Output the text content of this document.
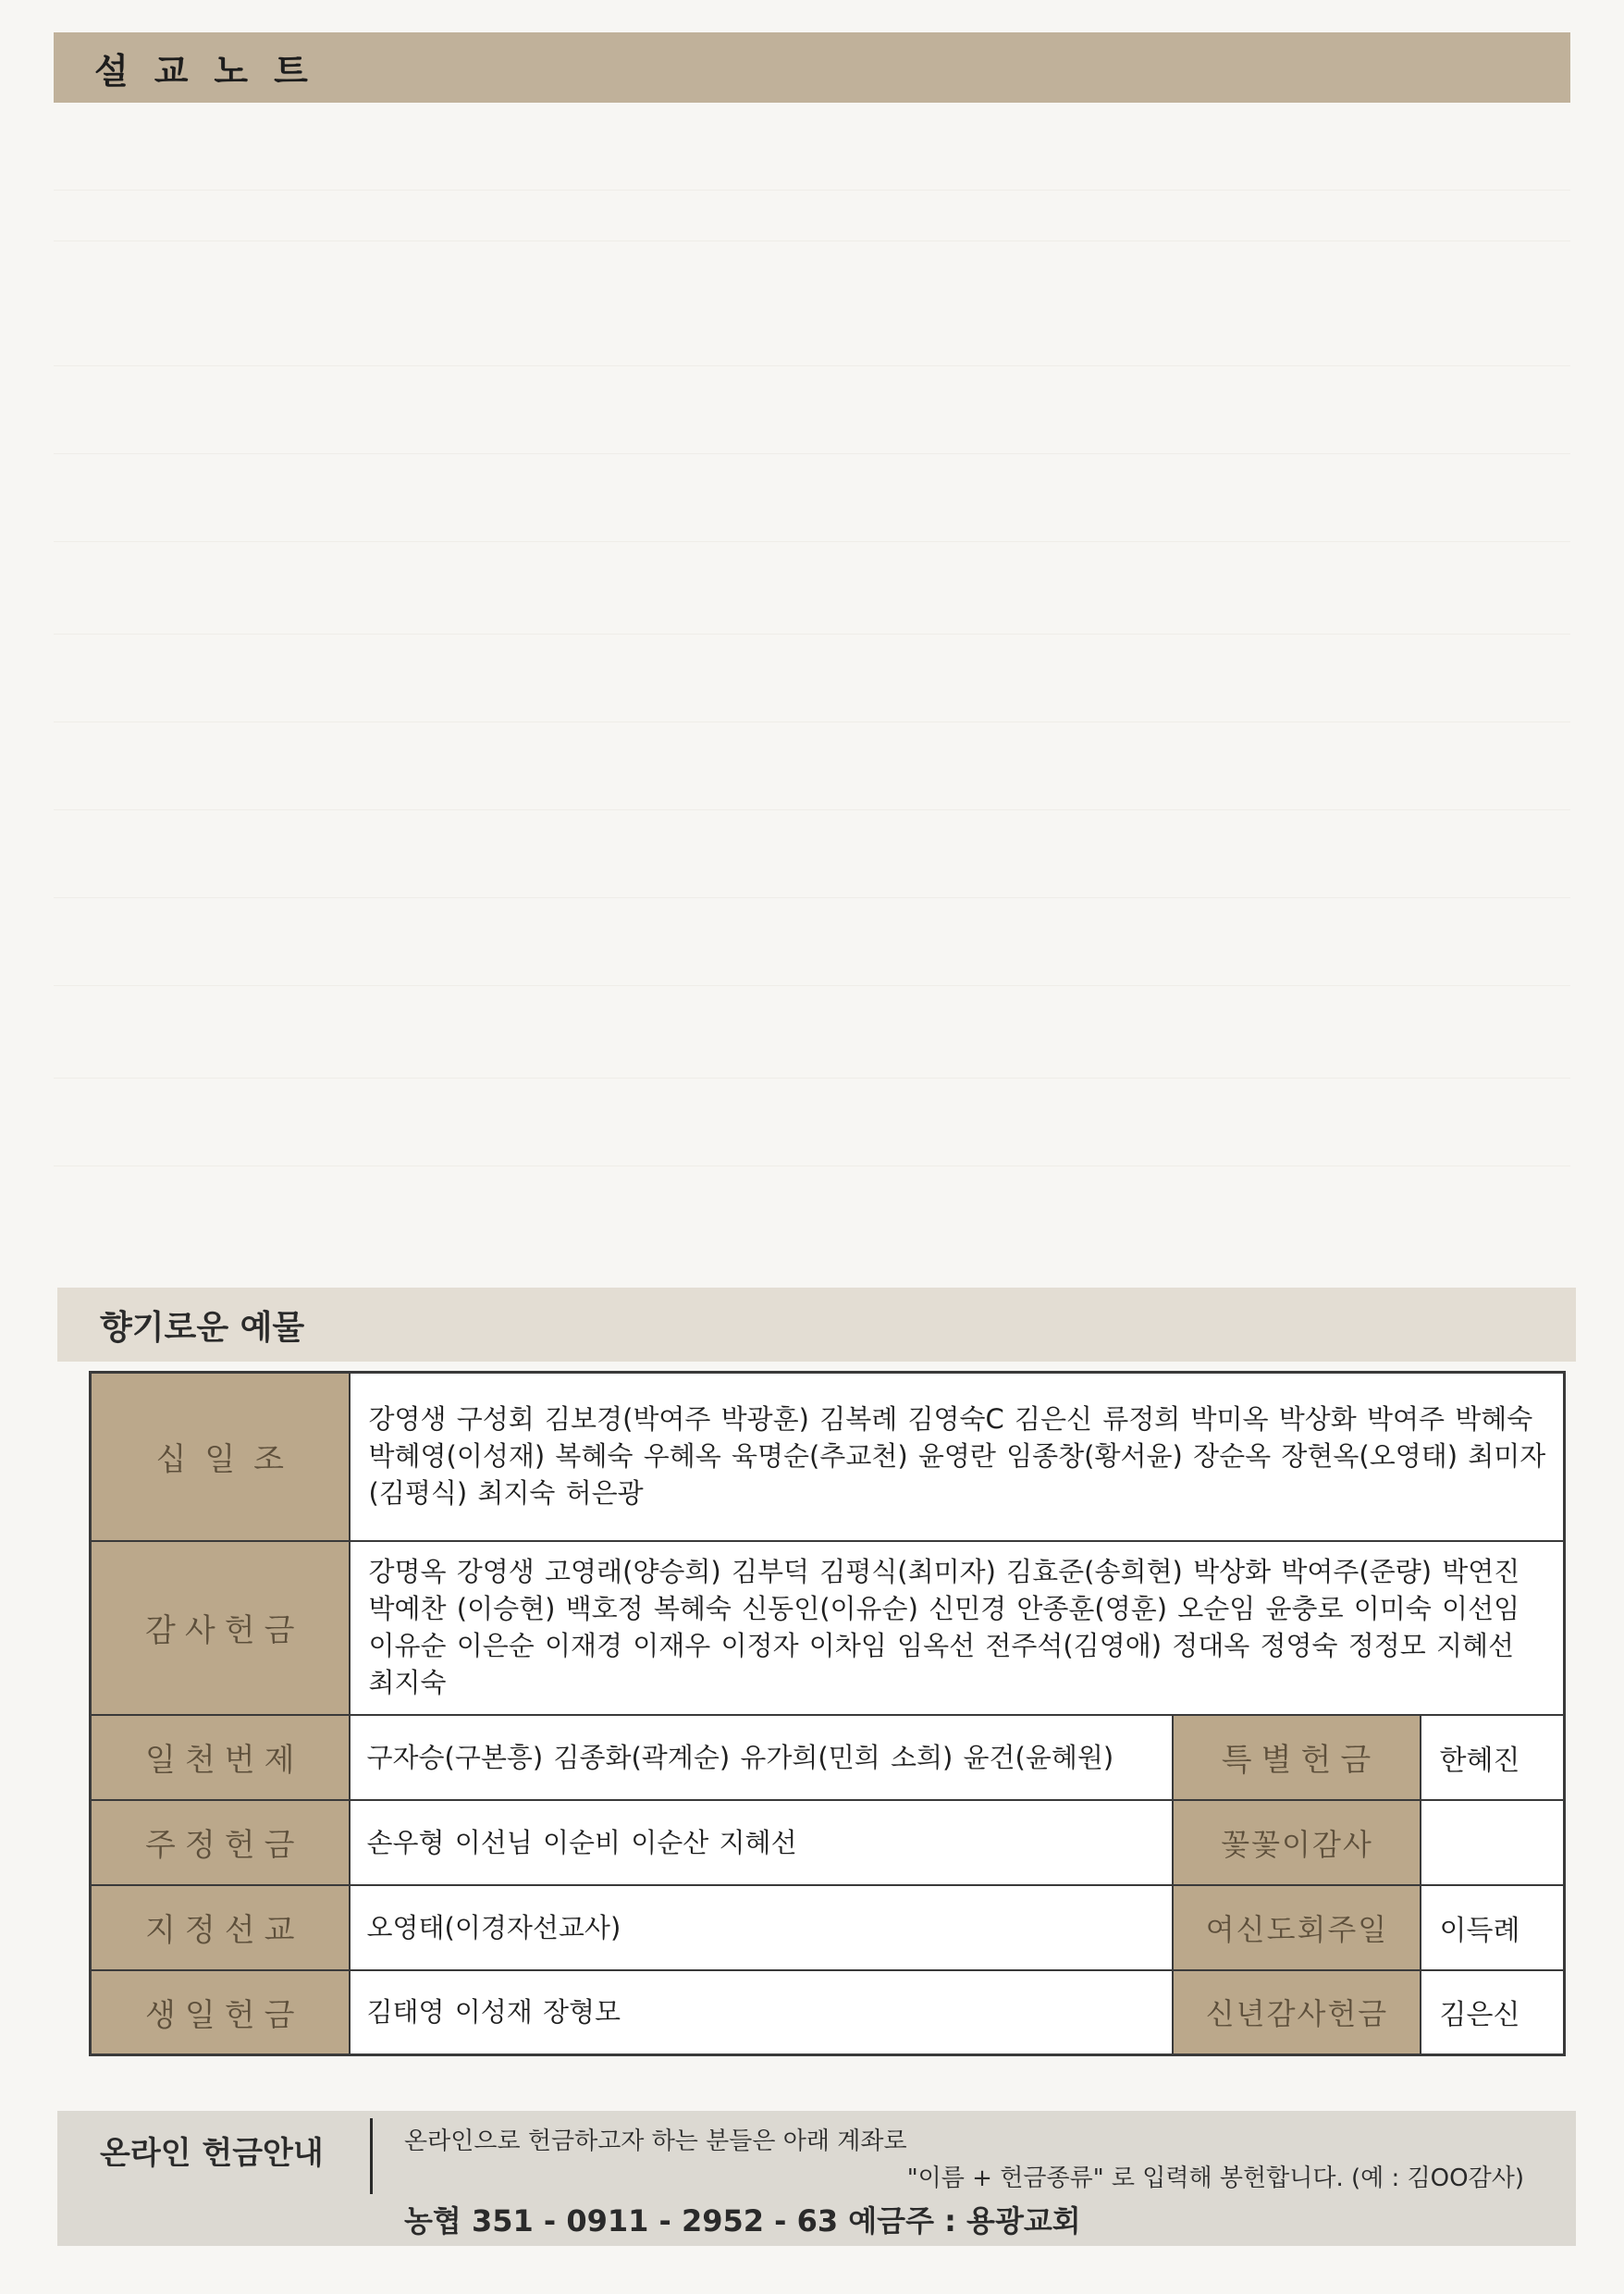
설교노트
향기로운 예물
십일조	강영생 구성회 김보경(박여주 박광훈) 김복례 김영숙C 김은신 류정희 박미옥 박상화 박여주 박혜숙 박혜영(이성재) 복혜숙 우혜옥 육명순(추교천) 윤영란 임종창(황서윤) 장순옥 장현옥(오영태) 최미자 (김평식) 최지숙 허은광		
감사헌금	강명옥 강영생 고영래(양승희) 김부덕 김평식(최미자) 김효준(송희현) 박상화 박여주(준량) 박연진 박예찬 (이승현) 백호정 복혜숙 신동인(이유순) 신민경 안종훈(영훈) 오순임 윤충로 이미숙 이선임 이유순 이은순 이재경 이재우 이정자 이차임 임옥선 전주석(김영애) 정대옥 정영숙 정정모 지혜선 최지숙		
일천번제	구자승(구본흥) 김종화(곽계순) 유가희(민희 소희) 윤건(윤혜원)	특별헌금	한혜진
주정헌금	손우형 이선님 이순비 이순산 지혜선	꽃꽃이감사	
지정선교	오영태(이경자선교사)	여신도회주일	이득례
생일헌금	김태영 이성재 장형모	신년감사헌금	김은신
온라인 헌금안내	온라인으로 헌금하고자 하는 분들은 아래 계좌로
"이름 + 헌금종류" 로 입력해 봉헌합니다. (예 : 김OO감사)
농협 351 - 0911 - 2952 - 63 예금주 : 용광교회
